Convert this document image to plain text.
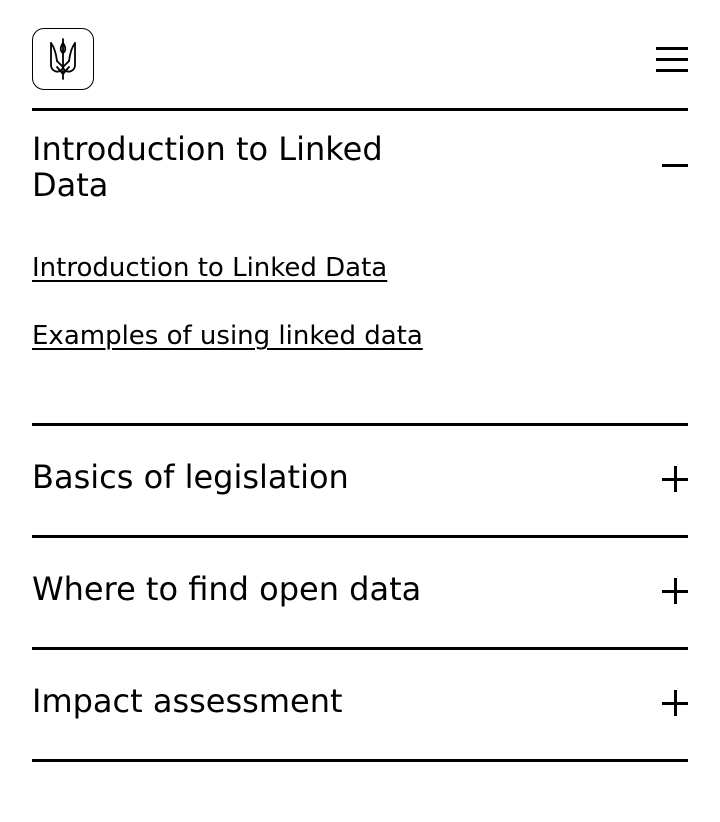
Introduction to Linked Data
Introduction to Linked Data
Examples of using linked data
Basics of legislation
Where to find open data
Impact assessment
